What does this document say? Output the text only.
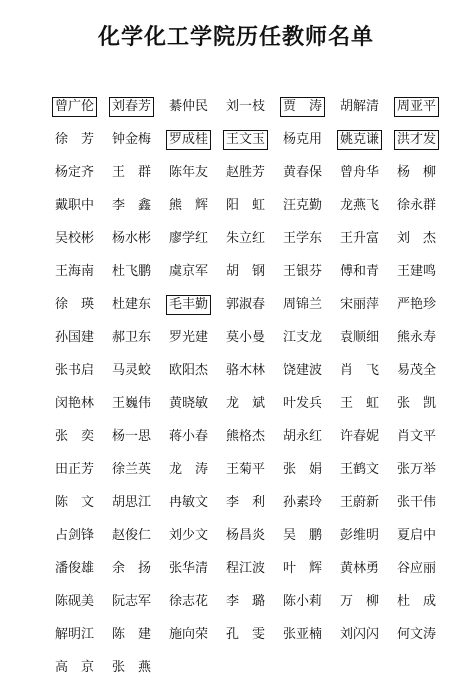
化学化工学院历任教师名单
曾广伦	刘春芳	綦仲民	刘一枝	贾　涛	胡解清	周亚平
徐　芳	钟金梅	罗成桂	王文玉	杨克用	姚克谦	洪才发
杨定齐	王　群	陈年友	赵胜芳	黄春保	曾舟华	杨　柳
戴职中	李　鑫	熊　辉	阳　虹	汪克勤	龙燕飞	徐永群
吴校彬	杨水彬	廖学红	朱立红	王学东	王升富	刘　杰
王海南	杜飞鹏	虞京军	胡　钢	王银芬	傅和青	王建鸣
徐　瑛	杜建东	毛丰勤	郭淑春	周锦兰	宋丽萍	严艳珍
孙国建	郝卫东	罗光建	莫小曼	江支龙	袁顺细	熊永寿
张书启	马灵蛟	欧阳杰	骆木林	饶建波	肖　飞	易茂全
闵艳林	王巍伟	黄晓敏	龙　斌	叶发兵	王　虹	张　凯
张　奕	杨一思	蒋小春	熊格杰	胡永红	许春妮	肖文平
田正芳	徐兰英	龙　涛	王菊平	张　娟	王鹤文	张万举
陈　文	胡思江	冉敏文	李　利	孙素玲	王蔚新	张干伟
占剑锋	赵俊仁	刘少文	杨昌炎	吴　鹏	彭维明	夏启中
潘俊雄	余　扬	张华清	程江波	叶　辉	黄林勇	谷应丽
陈砚美	阮志军	徐志花	李　璐	陈小莉	万　柳	杜　成
解明江	陈　建	施向荣	孔　雯	张亚楠	刘闪闪	何文涛
高　京	张　燕
